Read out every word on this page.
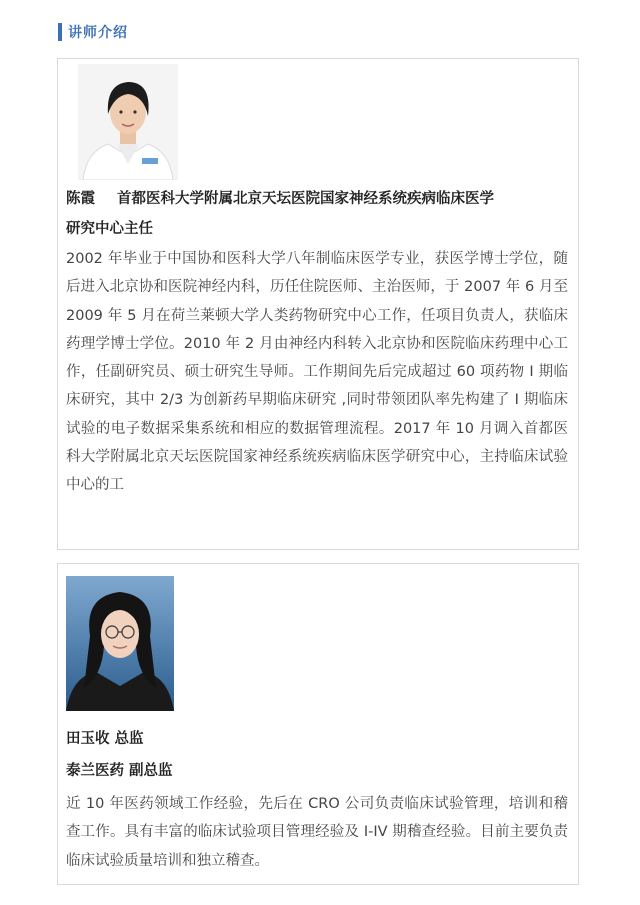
讲师介绍
陈霞 首都医科大学附属北京天坛医院国家神经系统疾病临床医学
研究中心主任
2002 年毕业于中国协和医科大学八年制临床医学专业，获医学博士学位，随后进入北京协和医院神经内科，历任住院医师、主治医师，于 2007 年 6 月至 2009 年 5 月在荷兰莱顿大学人类药物研究中心工作，任项目负责人，获临床药理学博士学位。2010 年 2 月由神经内科转入北京协和医院临床药理中心工作，任副研究员、硕士研究生导师。工作期间先后完成超过 60 项药物 I 期临床研究，其中 2/3 为创新药早期临床研究 ,同时带领团队率先构建了 I 期临床试验的电子数据采集系统和相应的数据管理流程。2017 年 10 月调入首都医科大学附属北京天坛医院国家神经系统疾病临床医学研究中心，主持临床试验中心的工
田玉收 总监
泰兰医药 副总监
近 10 年医药领域工作经验，先后在 CRO 公司负责临床试验管理，培训和稽查工作。具有丰富的临床试验项目管理经验及 I-IV 期稽查经验。目前主要负责临床试验质量培训和独立稽查。
